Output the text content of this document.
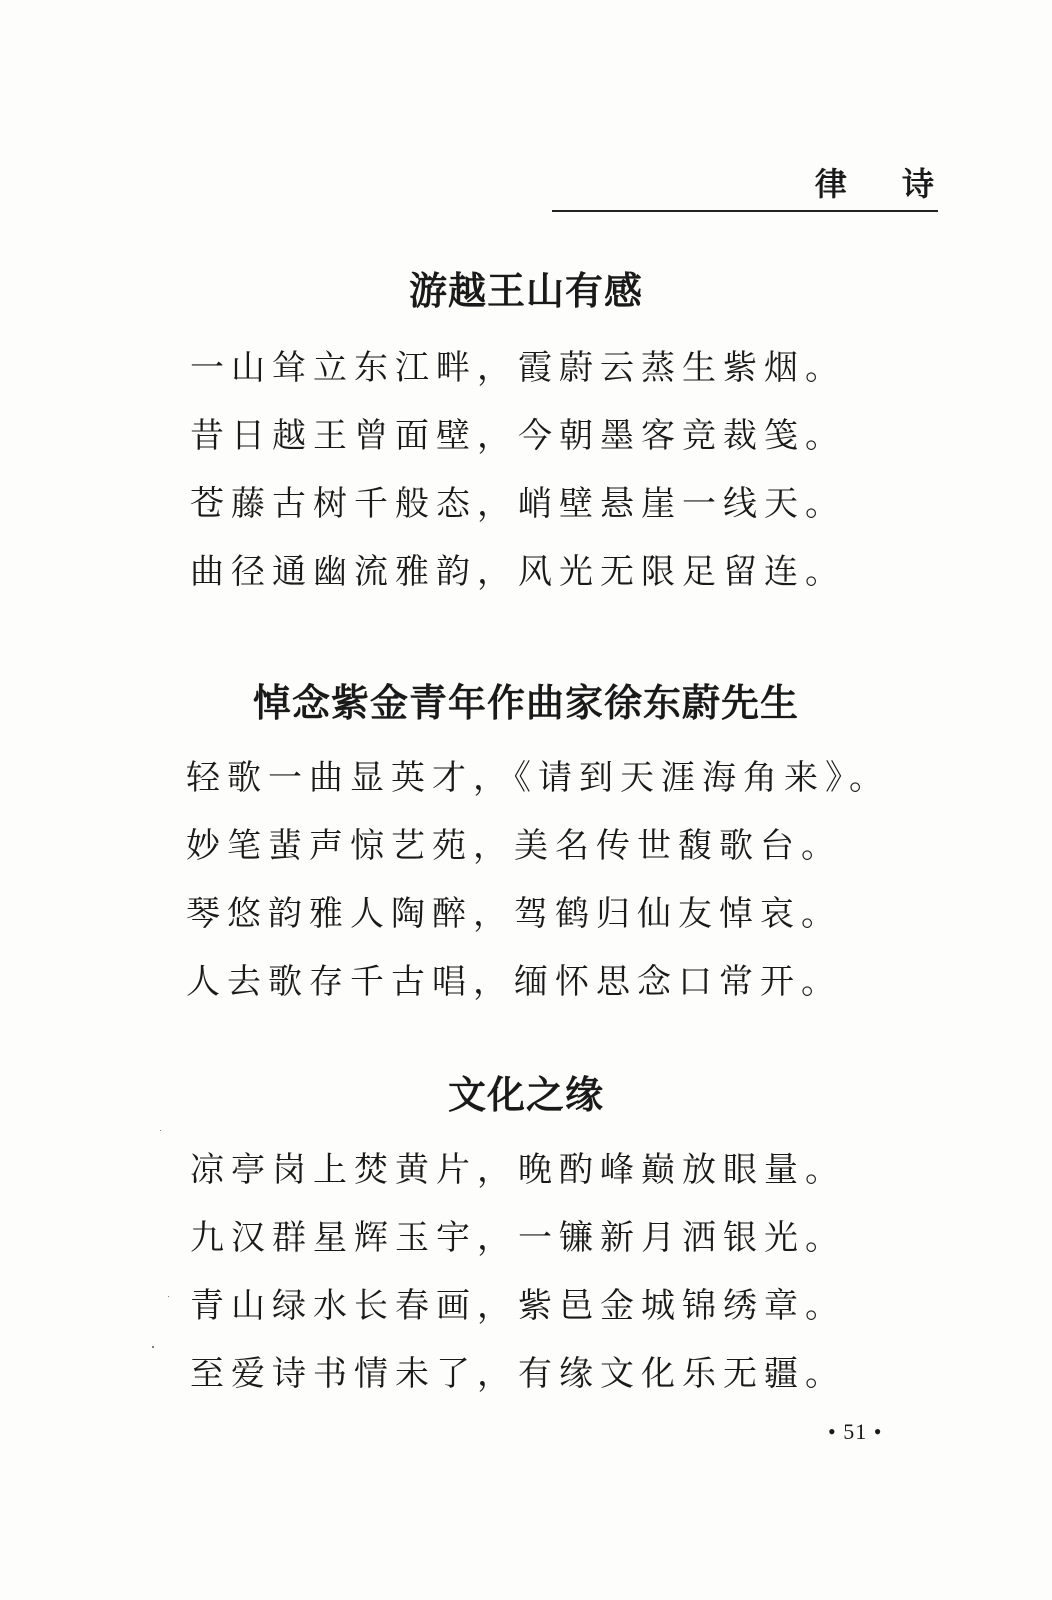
律 诗
游越王山有感
一山耸立东江畔，霞蔚云蒸生紫烟。
昔日越王曾面壁，今朝墨客竞裁笺。
苍藤古树千般态，峭壁悬崖一线天。
曲径通幽流雅韵，风光无限足留连。
悼念紫金青年作曲家徐东蔚先生
轻歌一曲显英才，《请到天涯海角来》。
妙笔蜚声惊艺苑，美名传世馥歌台。
琴悠韵雅人陶醉，驾鹤归仙友悼哀。
人去歌存千古唱，缅怀思念口常开。
文化之缘
凉亭岗上焚黄片，晚酌峰巅放眼量。
九汉群星辉玉宇，一镰新月洒银光。
青山绿水长春画，紫邑金城锦绣章。
至爱诗书情未了，有缘文化乐无疆。
• 51 •
